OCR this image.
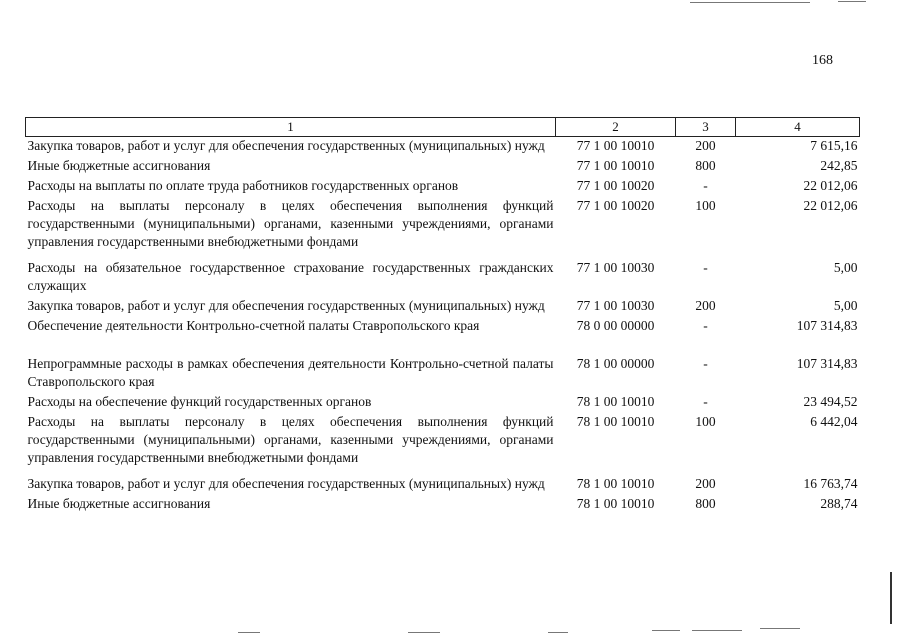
168
1	2	3	4
Закупка товаров, работ и услуг для обеспечения государственных (муниципальных) нужд	77 1 00 10010	200	7 615,16
Иные бюджетные ассигнования	77 1 00 10010	800	242,85
Расходы на выплаты по оплате труда работников государственных органов	77 1 00 10020	-	22 012,06
Расходы на выплаты персоналу в целях обеспечения выполнения функций государственными (муниципальными) органами, казенными учреждениями, органами управления государственными внебюджетными фондами	77 1 00 10020	100	22 012,06
Расходы на обязательное государственное страхование государственных гражданских служащих	77 1 00 10030	-	5,00
Закупка товаров, работ и услуг для обеспечения государственных (муниципальных) нужд	77 1 00 10030	200	5,00
Обеспечение деятельности Контрольно-счетной палаты Ставропольского края	78 0 00 00000	-	107 314,83
Непрограммные расходы в рамках обеспечения деятельности Контрольно-счетной палаты Ставропольского края	78 1 00 00000	-	107 314,83
Расходы на обеспечение функций государственных органов	78 1 00 10010	-	23 494,52
Расходы на выплаты персоналу в целях обеспечения выполнения функций государственными (муниципальными) органами, казенными учреждениями, органами управления государственными внебюджетными фондами	78 1 00 10010	100	6 442,04
Закупка товаров, работ и услуг для обеспечения государственных (муниципальных) нужд	78 1 00 10010	200	16 763,74
Иные бюджетные ассигнования	78 1 00 10010	800	288,74
